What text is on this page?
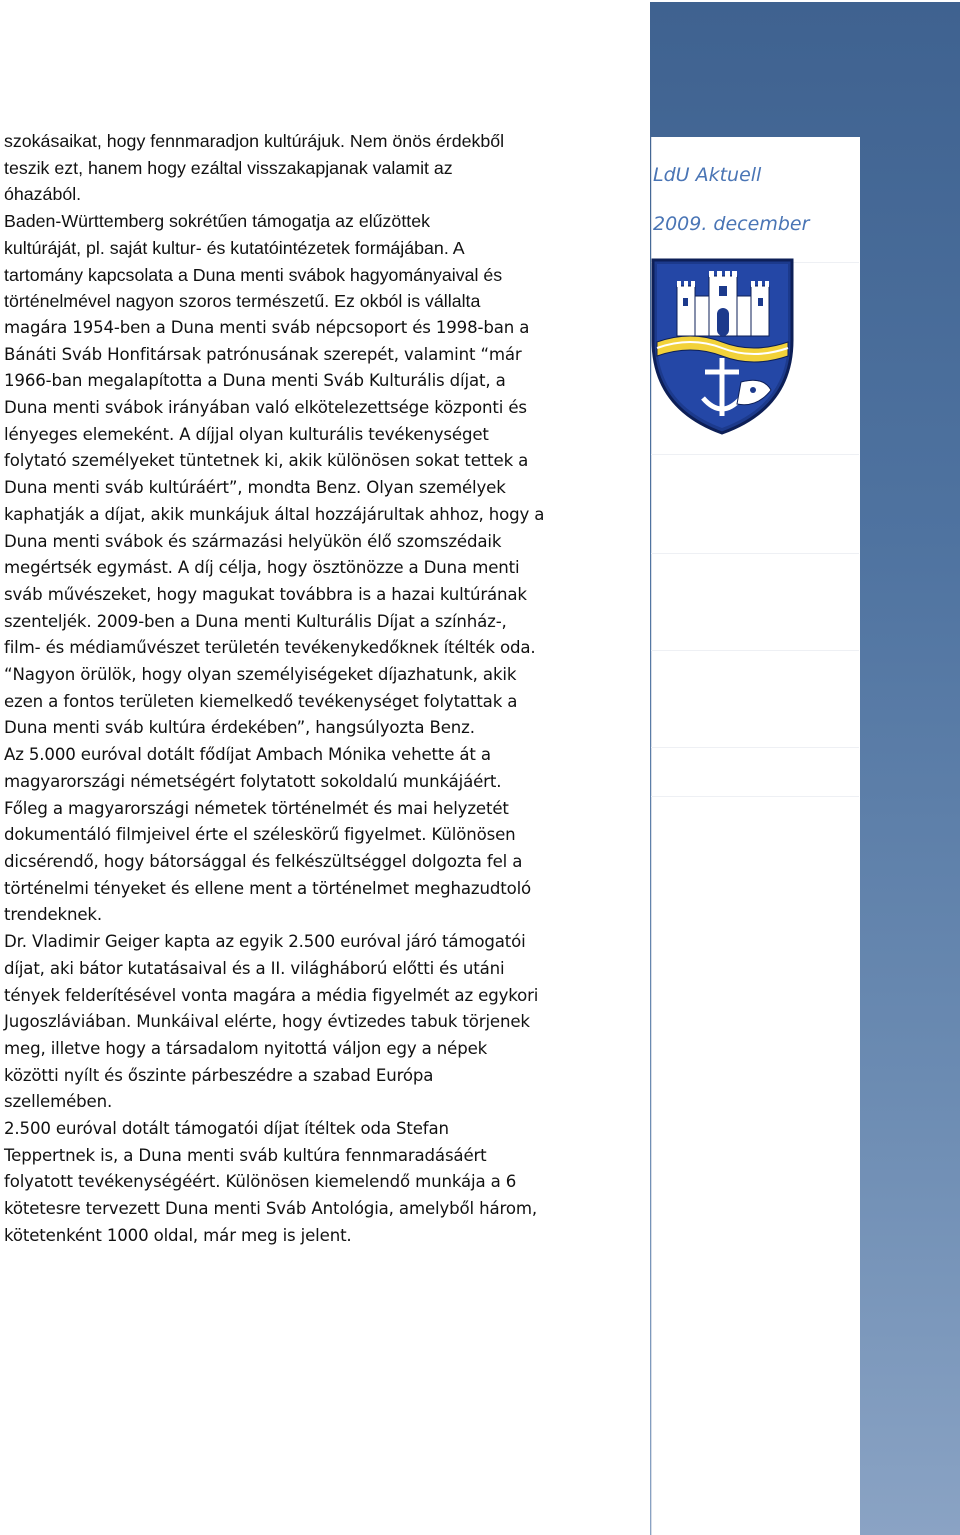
LdU Aktuell
2009. december
szokásaikat, hogy fennmaradjon kultúrájuk. Nem önös érdekből
teszik ezt, hanem hogy ezáltal visszakapjanak valamit az
óhazából.
Baden-Württemberg sokrétűen támogatja az elűzöttek
kultúráját, pl. saját kultur- és kutatóintézetek formájában. A
tartomány kapcsolata a Duna menti svábok hagyományaival és
történelmével nagyon szoros természetű. Ez okból is vállalta
magára 1954-ben a Duna menti sváb népcsoport és 1998-ban a
Bánáti Sváb Honfitársak patrónusának szerepét, valamint “már
1966-ban megalapította a Duna menti Sváb Kulturális díjat, a
Duna menti svábok irányában való elkötelezettsége központi és
lényeges elemeként. A díjjal olyan kulturális tevékenységet
folytató személyeket tüntetnek ki, akik különösen sokat tettek a
Duna menti sváb kultúráért”, mondta Benz. Olyan személyek
kaphatják a díjat, akik munkájuk által hozzájárultak ahhoz, hogy a
Duna menti svábok és származási helyükön élő szomszédaik
megértsék egymást. A díj célja, hogy ösztönözze a Duna menti
sváb művészeket, hogy magukat továbbra is a hazai kultúrának
szenteljék. 2009-ben a Duna menti Kulturális Díjat a színház-,
film- és médiaművészet területén tevékenykedőknek ítélték oda.
“Nagyon örülök, hogy olyan személyiségeket díjazhatunk, akik
ezen a fontos területen kiemelkedő tevékenységet folytattak a
Duna menti sváb kultúra érdekében”, hangsúlyozta Benz.
Az 5.000 euróval dotált fődíjat Ambach Mónika vehette át a
magyarországi németségért folytatott sokoldalú munkájáért.
Főleg a magyarországi németek történelmét és mai helyzetét
dokumentáló filmjeivel érte el széleskörű figyelmet. Különösen
dicsérendő, hogy bátorsággal és felkészültséggel dolgozta fel a
történelmi tényeket és ellene ment a történelmet meghazudtoló
trendeknek.
Dr. Vladimir Geiger kapta az egyik 2.500 euróval járó támogatói
díjat, aki bátor kutatásaival és a II. világháború előtti és utáni
tények felderítésével vonta magára a média figyelmét az egykori
Jugoszláviában. Munkáival elérte, hogy évtizedes tabuk törjenek
meg, illetve hogy a társadalom nyitottá váljon egy a népek
közötti nyílt és őszinte párbeszédre a szabad Európa
szellemében.
2.500 euróval dotált támogatói díjat ítéltek oda Stefan
Teppertnek is, a Duna menti sváb kultúra fennmaradásáért
folyatott tevékenységéért. Különösen kiemelendő munkája a 6
kötetesre tervezett Duna menti Sváb Antológia, amelyből három,
kötetenként 1000 oldal, már meg is jelent.
